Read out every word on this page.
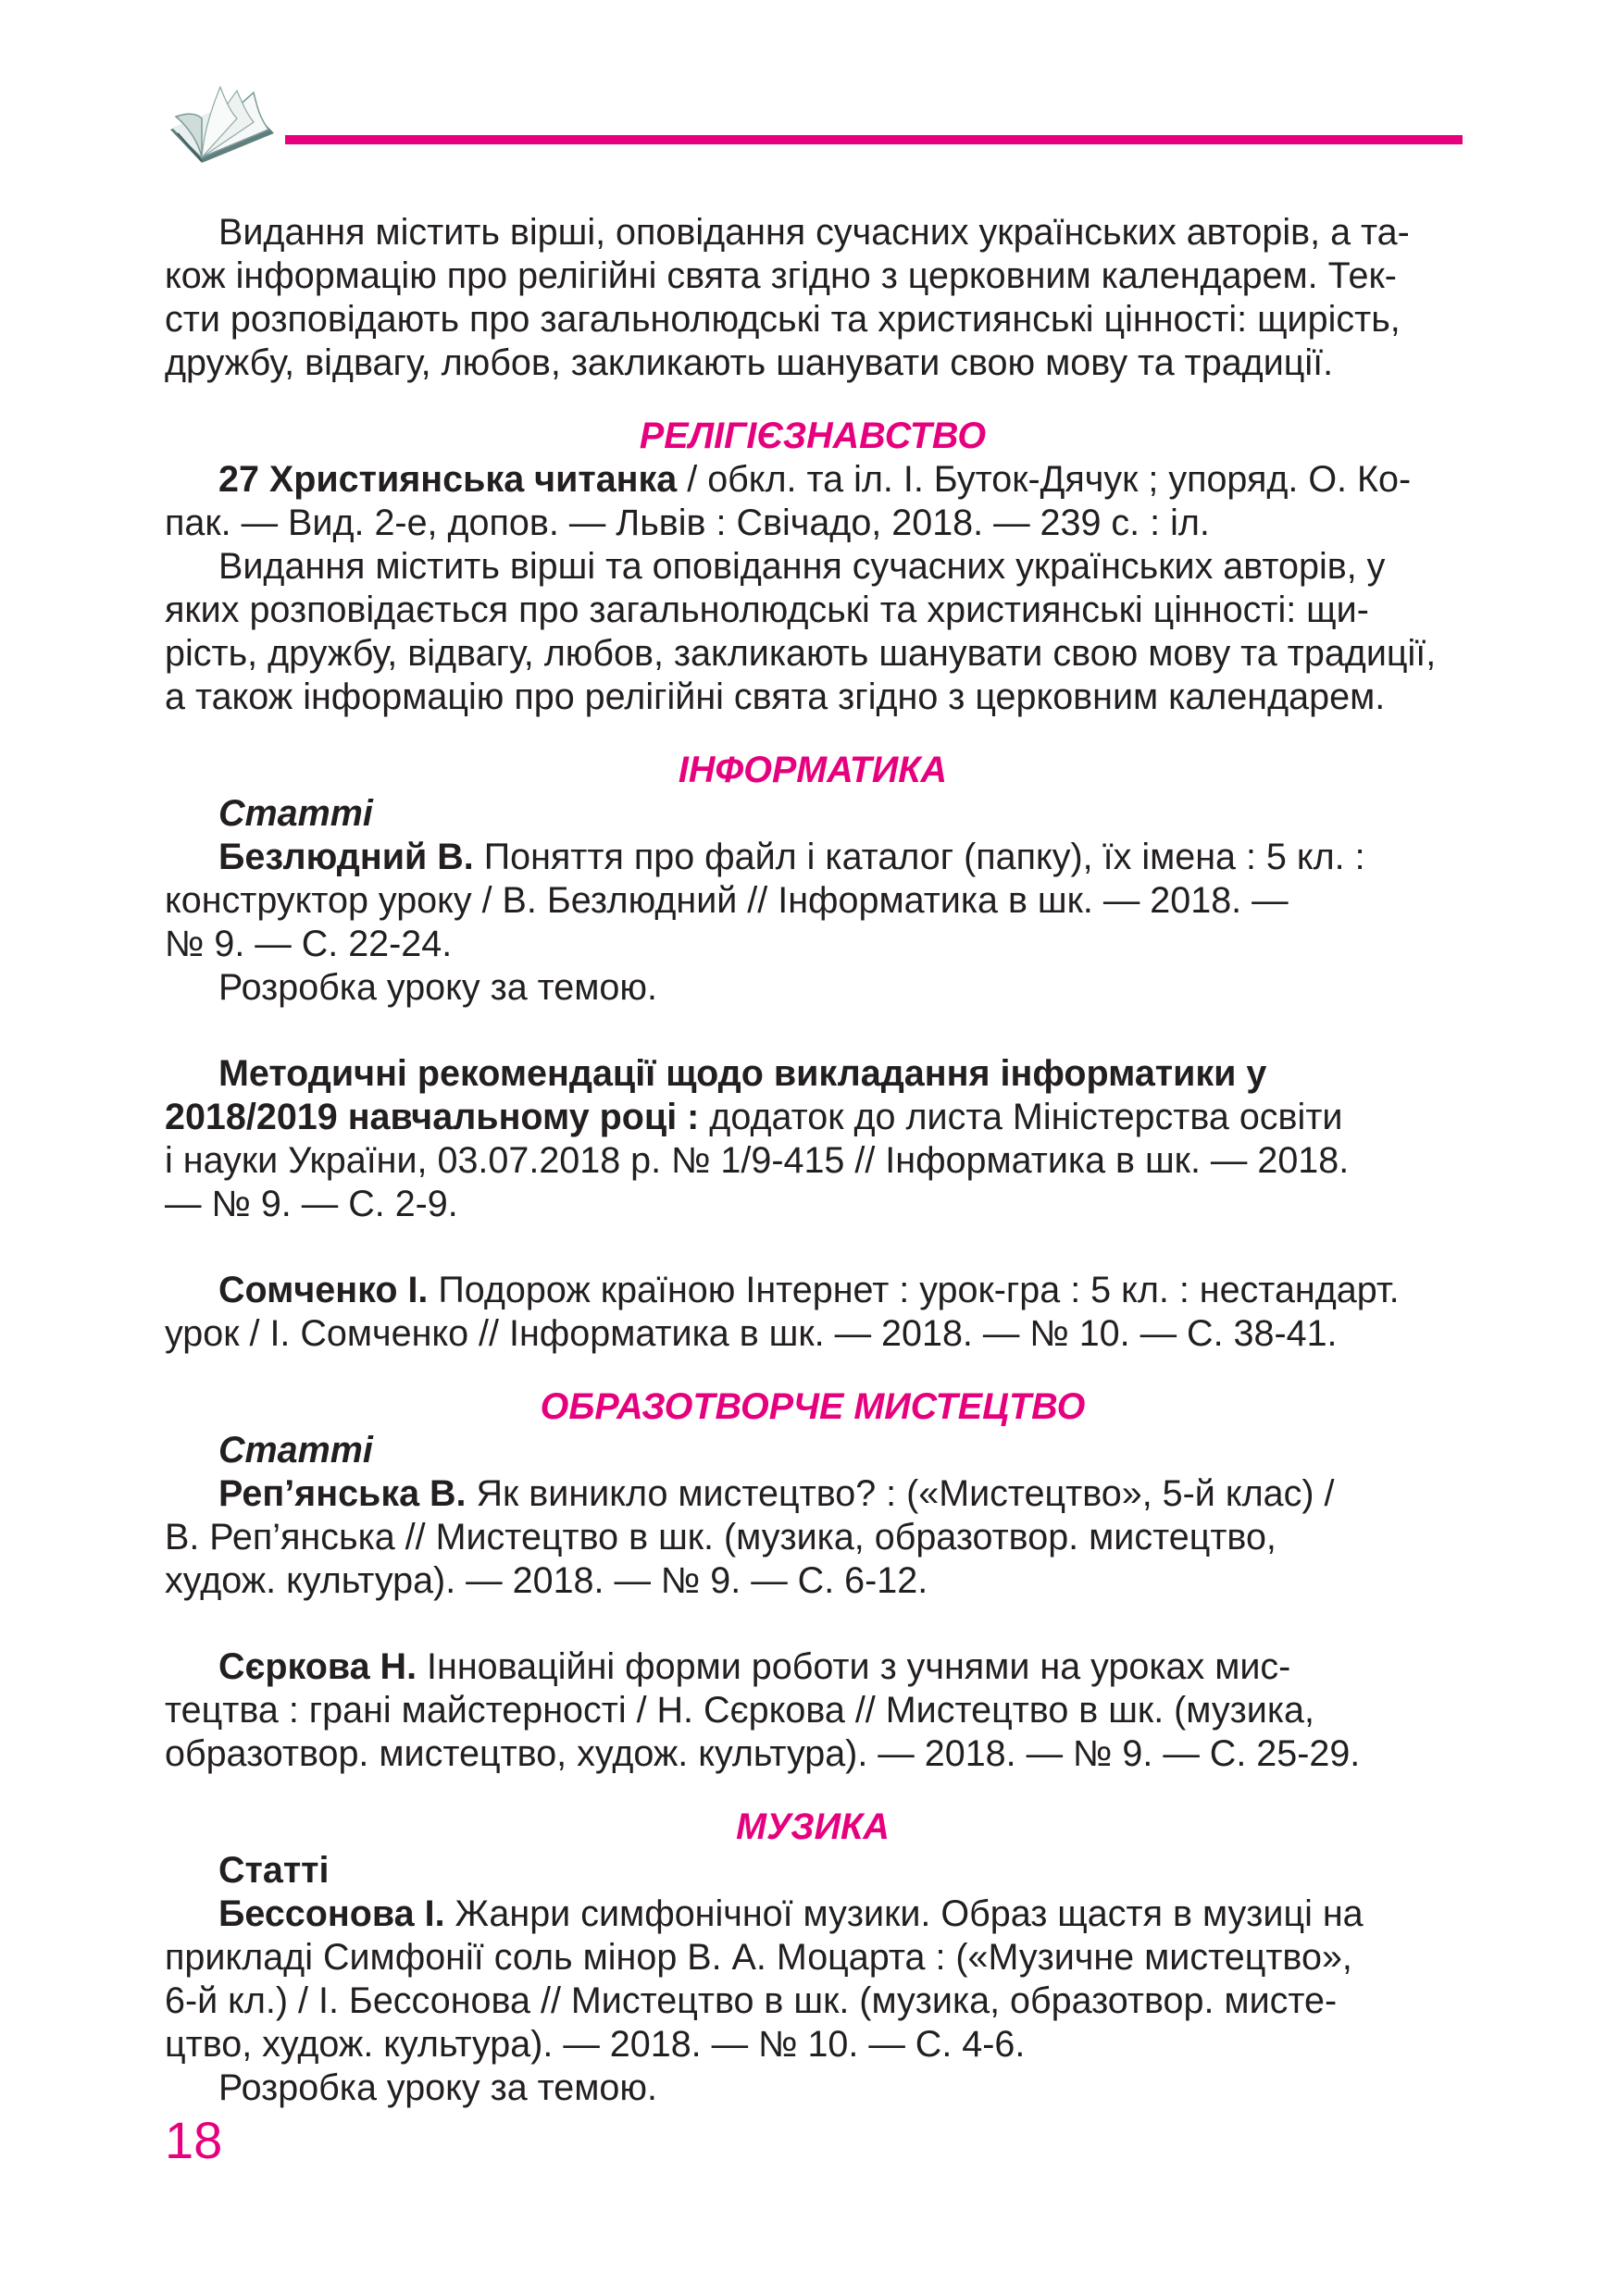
Видання містить вірші, оповідання сучасних українських авторів, а та-

кож інформацію про релігійні свята згідно з церковним календарем. Тек-

сти розповідають про загальнолюдські та християнські цінності: щирість,

дружбу, відвагу, любов, закликають шанувати свою мову та традиції.

РЕЛІГІЄЗНАВСТВО

27 Християнська читанка / обкл. та іл. І. Буток-Дячук ; упоряд. О. Ко-

пак. — Вид. 2-е, допов. — Львів : Свічадо, 2018. — 239 с. : іл.

Видання містить вірші та оповідання сучасних українських авторів, у

яких розповідається про загальнолюдські та християнські цінності: щи-

рість, дружбу, відвагу, любов, закликають шанувати свою мову та традиції,

а також інформацію про релігійні свята згідно з церковним календарем.

ІНФОРМАТИКА

Статті

Безлюдний В. Поняття про файл і каталог (папку), їх імена : 5 кл. :

конструктор уроку / В. Безлюдний // Інформатика в шк. — 2018. —

№ 9. — С. 22-24.

Розробка уроку за темою.

Методичні рекомендації щодо викладання інформатики у

2018/2019 навчальному році : додаток до листа Міністерства освіти

і науки України, 03.07.2018 р. № 1/9-415 // Інформатика в шк. — 2018.

— № 9. — С. 2-9.

Сомченко І. Подорож країною Інтернет : урок-гра : 5 кл. : нестандарт.

урок / І. Сомченко // Інформатика в шк. — 2018. — № 10. — С. 38-41.

ОБРАЗОТВОРЧЕ МИСТЕЦТВО

Статті

Реп’янська В. Як виникло мистецтво? : («Мистецтво», 5-й клас) /

В. Реп’янська // Мистецтво в шк. (музика, образотвор. мистецтво,

худож. культура). — 2018. — № 9. — С. 6-12.

Сєркова Н. Інноваційні форми роботи з учнями на уроках мис-

тецтва : грані майстерності / Н. Сєркова // Мистецтво в шк. (музика,

образотвор. мистецтво, худож. культура). — 2018. — № 9. — С. 25-29.

МУЗИКА

Статті

Бессонова І. Жанри симфонічної музики. Образ щастя в музиці на

прикладі Симфонії соль мінор В. А. Моцарта : («Музичне мистецтво»,

6-й кл.) / І. Бессонова // Мистецтво в шк. (музика, образотвор. мисте-

цтво, худож. культура). — 2018. — № 10. — С. 4-6.

Розробка уроку за темою.

18
